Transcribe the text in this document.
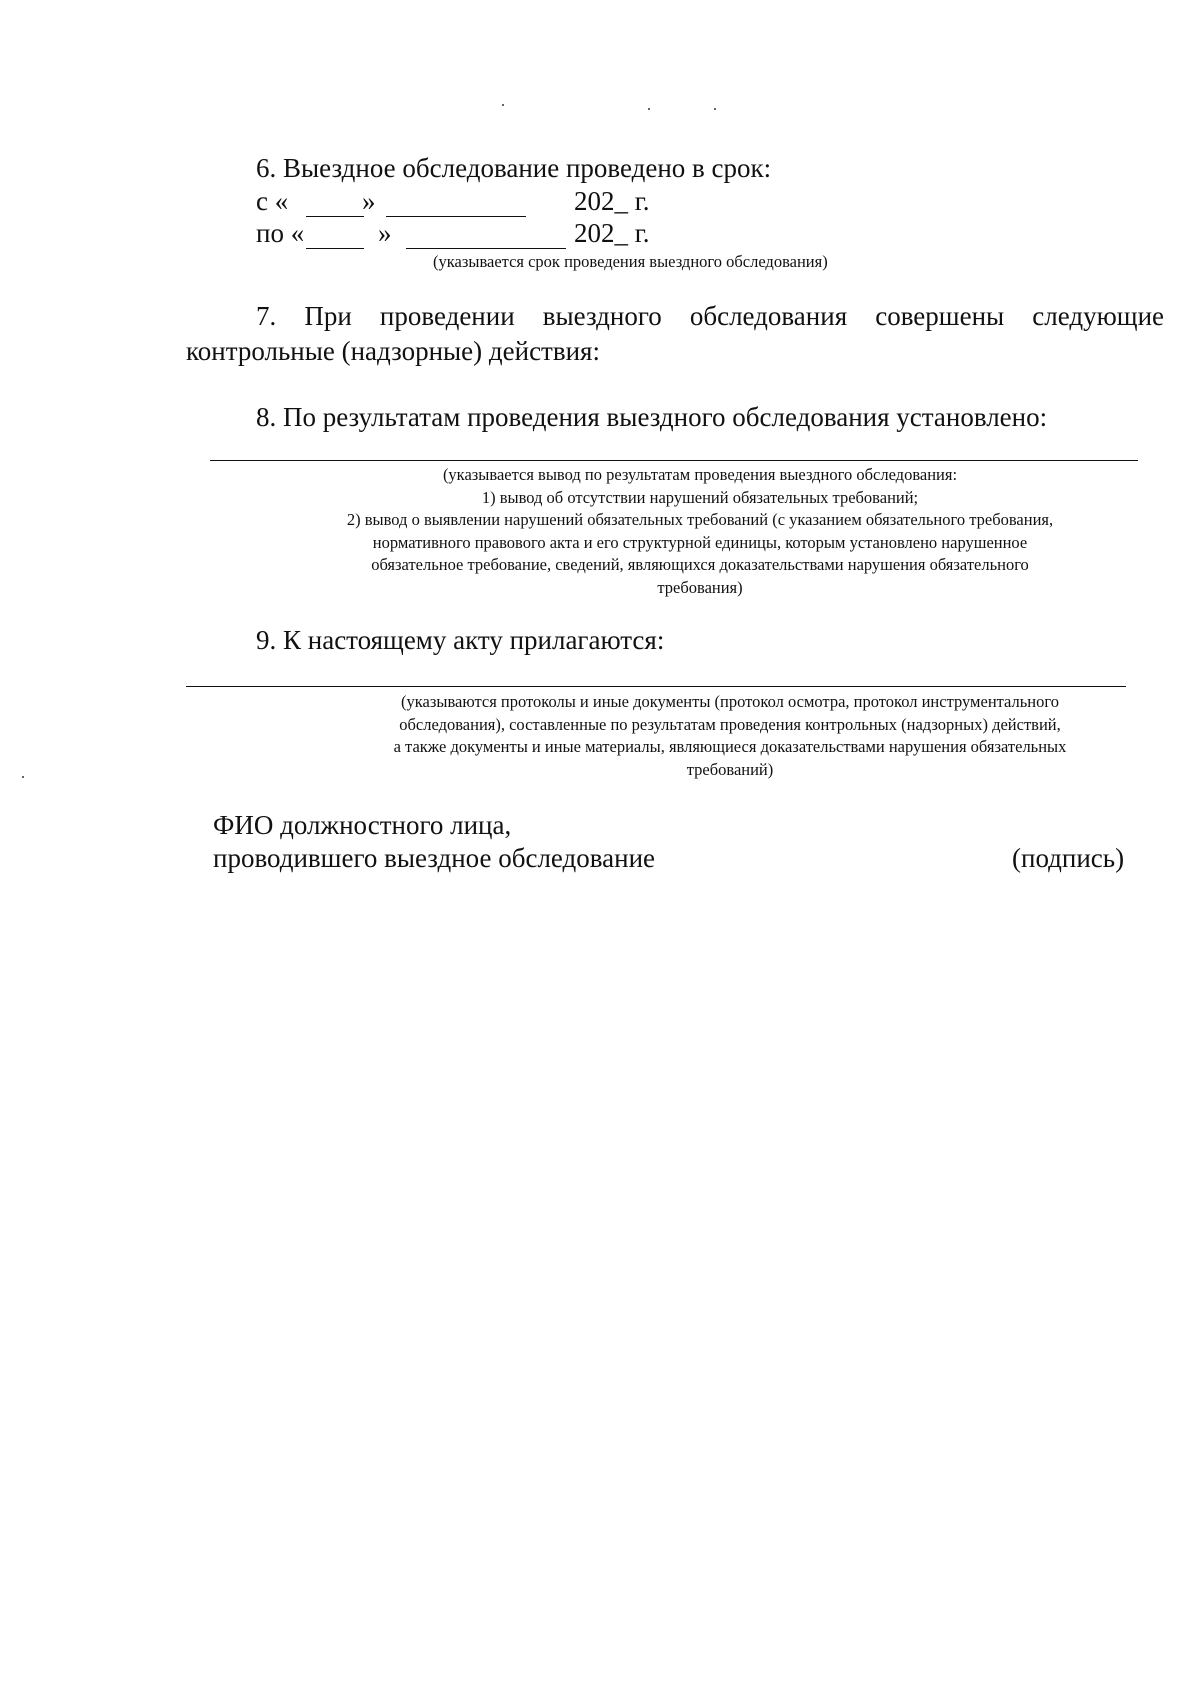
6. Выездное обследование проведено в срок:
с «	»	202_ г.
по «	»	202_ г.
(указывается срок проведения выездного обследования)
7. При проведении выездного обследования совершены следующие
контрольные (надзорные) действия:
8. По результатам проведения выездного обследования установлено:
(указывается вывод по результатам проведения выездного обследования:
1) вывод об отсутствии нарушений обязательных требований;
2) вывод о выявлении нарушений обязательных требований (с указанием обязательного требования,
нормативного правового акта и его структурной единицы, которым установлено нарушенное
обязательное требование, сведений, являющихся доказательствами нарушения обязательного
требования)
9. К настоящему акту прилагаются:
(указываются протоколы и иные документы (протокол осмотра, протокол инструментального
обследования), составленные по результатам проведения контрольных (надзорных) действий,
а также документы и иные материалы, являющиеся доказательствами нарушения обязательных
требований)
ФИО должностного лица,
проводившего выездное обследование	(подпись)
